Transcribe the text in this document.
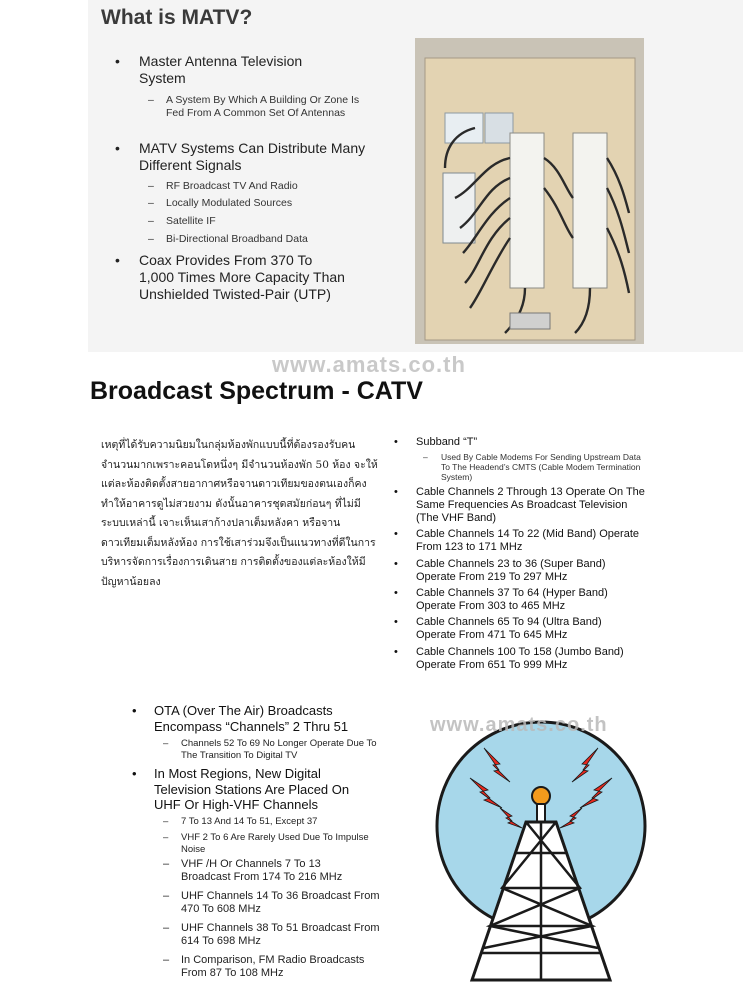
What is MATV?
• Master Antenna Television System
– A System By Which A Building Or Zone Is Fed From A Common Set Of Antennas
• MATV Systems Can Distribute Many Different Signals
– RF Broadcast TV And Radio
– Locally Modulated Sources
– Satellite IF
– Bi-Directional Broadband Data
• Coax Provides From 370 To 1,000 Times More Capacity Than Unshielded Twisted-Pair (UTP)
www.amats.co.th
Broadcast Spectrum - CATV
เหตุที่ได้รับความนิยมในกลุ่มห้องพักแบบนี้ที่ต้องรองรับคนจำนวนมากเพราะคอนโดหนึ่งๆ มีจำนวนห้องพัก 50 ห้อง จะให้แต่ละห้องติดตั้งสายอากาศหรือจานดาวเทียมของตนเองก็คงทำให้อาคารดูไม่สวยงาม ดังนั้นอาคารชุดสมัยก่อนๆ ที่ไม่มีระบบเหล่านี้ เจาะเห็นเสาก้างปลาเต็มหลังคา หรือจานดาวเทียมเต็มหลังห้อง การใช้เสาร่วมจึงเป็นแนวทางที่ดีในการบริหารจัดการเรื่องการเดินสาย การติดตั้งของแต่ละห้องให้มีปัญหาน้อยลง
• Subband “T”
– Used By Cable Modems For Sending Upstream Data To The Headend’s CMTS (Cable Modem Termination System)
• Cable Channels 2 Through 13 Operate On The Same Frequencies As Broadcast Television (The VHF Band)
• Cable Channels 14 To 22 (Mid Band) Operate From 123 to 171 MHz
• Cable Channels 23 to 36 (Super Band) Operate From 219 To 297 MHz
• Cable Channels 37 To 64 (Hyper Band) Operate From 303 to 465 MHz
• Cable Channels 65 To 94 (Ultra Band) Operate From 471 To 645 MHz
• Cable Channels 100 To 158 (Jumbo Band) Operate From 651 To 999 MHz
• OTA (Over The Air) Broadcasts Encompass “Channels” 2 Thru 51
– Channels 52 To 69 No Longer Operate Due To The Transition To Digital TV
• In Most Regions, New Digital Television Stations Are Placed On UHF Or High-VHF Channels
– 7 To 13 And 14 To 51, Except 37
– VHF 2 To 6 Are Rarely Used Due To Impulse Noise
– VHF /H Or Channels 7 To 13 Broadcast From 174 To 216 MHz
– UHF Channels 14 To 36 Broadcast From 470 To 608 MHz
– UHF Channels 38 To 51 Broadcast From 614 To 698 MHz
– In Comparison, FM Radio Broadcasts From 87 To 108 MHz
www.amats.co.th
